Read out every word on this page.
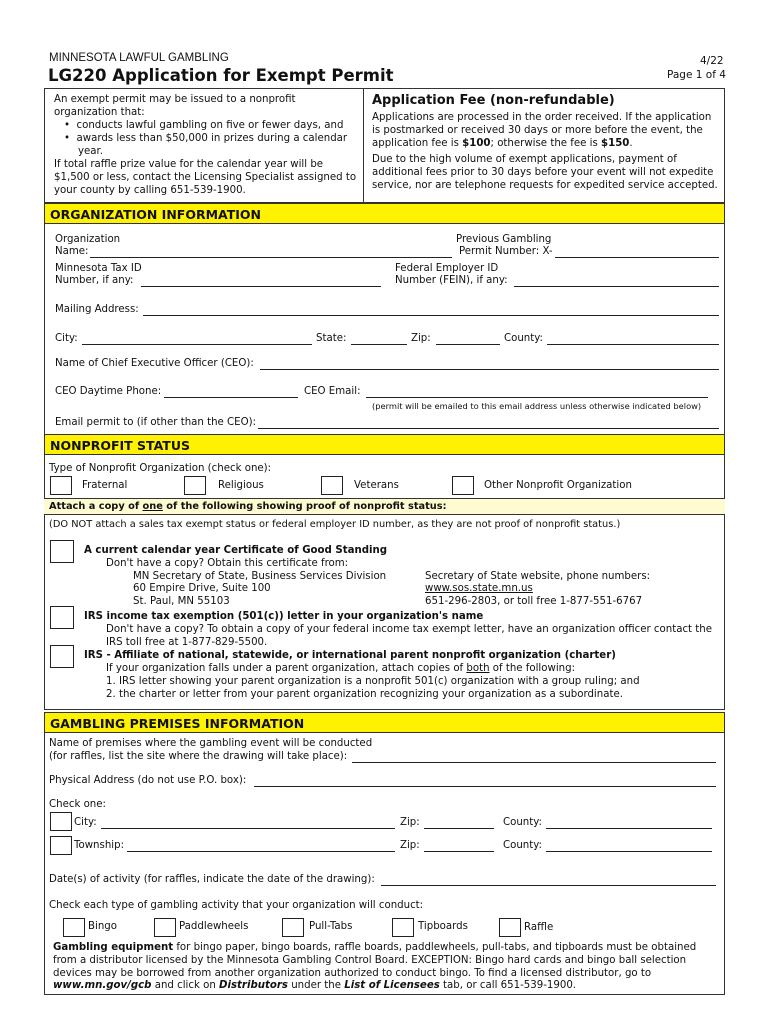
MINNESOTA LAWFUL GAMBLING
LG220 Application for Exempt Permit
4/22
Page 1 of 4
An exempt permit may be issued to a nonprofit
organization that:
•  conducts lawful gambling on five or fewer days, and
•  awards less than $50,000 in prizes during a calendar
year.
If total raffle prize value for the calendar year will be
$1,500 or less, contact the Licensing Specialist assigned to
your county by calling 651-539-1900.
Application Fee (non-refundable)
Applications are processed in the order received. If the application
is postmarked or received 30 days or more before the event, the
application fee is $100; otherwise the fee is $150.
Due to the high volume of exempt applications, payment of
additional fees prior to 30 days before your event will not expedite
service, nor are telephone requests for expedited service accepted.
ORGANIZATION INFORMATION
Organization
Name:
Previous Gambling
Permit Number: X-
Minnesota Tax ID
Number, if any:
Federal Employer ID
Number (FEIN), if any:
Mailing Address:
City:	State:	Zip:	County:
Name of Chief Executive Officer (CEO):
CEO Daytime Phone:	CEO Email:
(permit will be emailed to this email address unless otherwise indicated below)
Email permit to (if other than the CEO):
NONPROFIT STATUS
Type of Nonprofit Organization (check one):
Fraternal	Religious	Veterans	Other Nonprofit Organization
Attach a copy of one of the following showing proof of nonprofit status:
(DO NOT attach a sales tax exempt status or federal employer ID number, as they are not proof of nonprofit status.)
A current calendar year Certificate of Good Standing
Don't have a copy? Obtain this certificate from:
MN Secretary of State, Business Services Division
60 Empire Drive, Suite 100
St. Paul, MN 55103
Secretary of State website, phone numbers:
www.sos.state.mn.us
651-296-2803, or toll free 1-877-551-6767
IRS income tax exemption (501(c)) letter in your organization's name
Don't have a copy? To obtain a copy of your federal income tax exempt letter, have an organization officer contact the
IRS toll free at 1-877-829-5500.
IRS - Affiliate of national, statewide, or international parent nonprofit organization (charter)
If your organization falls under a parent organization, attach copies of both of the following:
1. IRS letter showing your parent organization is a nonprofit 501(c) organization with a group ruling; and
2. the charter or letter from your parent organization recognizing your organization as a subordinate.
GAMBLING PREMISES INFORMATION
Name of premises where the gambling event will be conducted
(for raffles, list the site where the drawing will take place):
Physical Address (do not use P.O. box):
Check one:
City:	Zip:	County:
Township:	Zip:	County:
Date(s) of activity (for raffles, indicate the date of the drawing):
Check each type of gambling activity that your organization will conduct:
Bingo	Paddlewheels	Pull-Tabs	Tipboards	Raffle
Gambling equipment for bingo paper, bingo boards, raffle boards, paddlewheels, pull-tabs, and tipboards must be obtained
from a distributor licensed by the Minnesota Gambling Control Board. EXCEPTION: Bingo hard cards and bingo ball selection
devices may be borrowed from another organization authorized to conduct bingo. To find a licensed distributor, go to
www.mn.gov/gcb and click on Distributors under the List of Licensees tab, or call 651-539-1900.
